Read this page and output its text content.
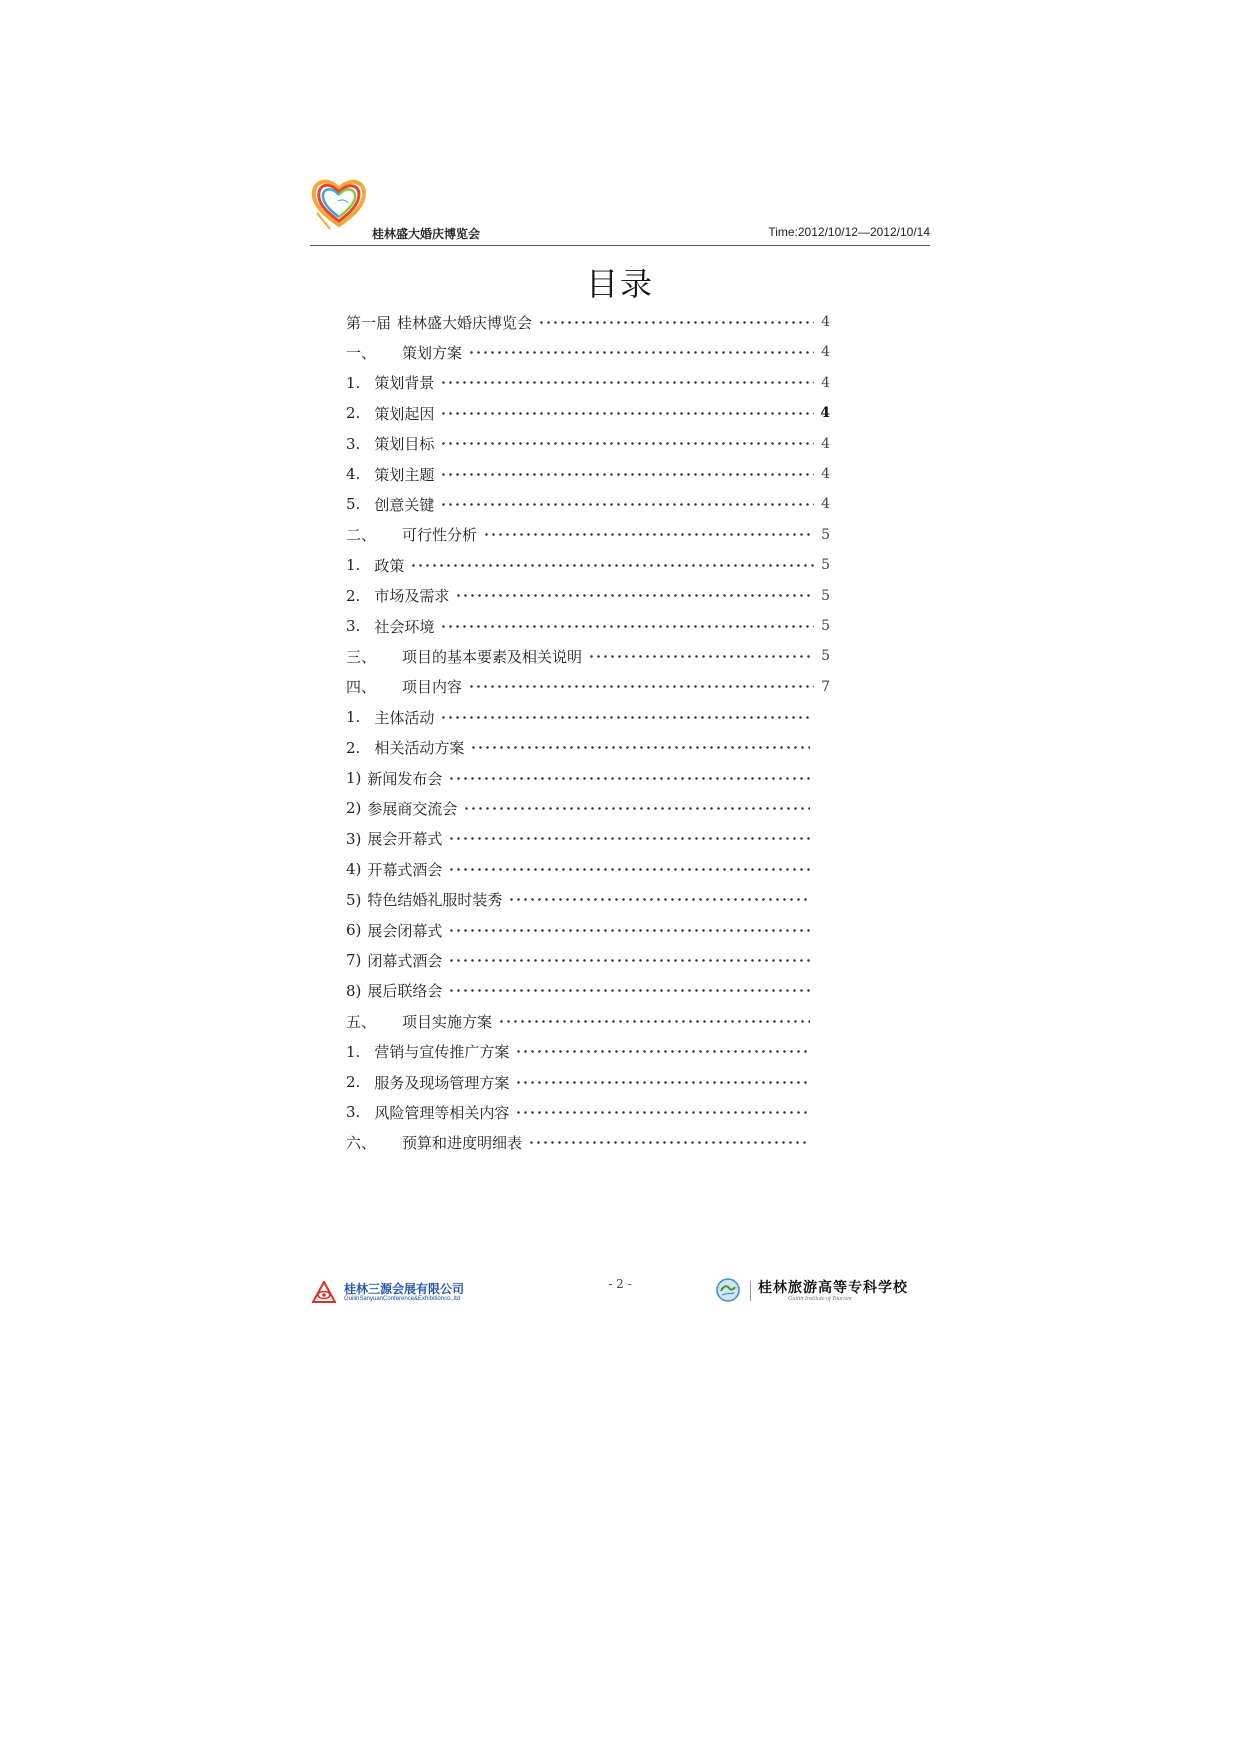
桂林盛大婚庆博览会	Time:2012/10/12—2012/10/14
目录
第一届 桂林盛大婚庆博览会	4
一、 策划方案	4
1. 策划背景	4
2. 策划起因	4
3. 策划目标	4
4. 策划主题	4
5. 创意关键	4
二、 可行性分析	5
1. 政策	5
2. 市场及需求	5
3. 社会环境	5
三、 项目的基本要素及相关说明	5
四、 项目内容	7
1. 主体活动
2. 相关活动方案
1) 新闻发布会
2) 参展商交流会
3) 展会开幕式
4) 开幕式酒会
5) 特色结婚礼服时装秀
6) 展会闭幕式
7) 闭幕式酒会
8) 展后联络会
五、 项目实施方案
1. 营销与宣传推广方案
2. 服务及现场管理方案
3. 风险管理等相关内容
六、 预算和进度明细表
桂林三源会展有限公司
GuilinSanyuanConference&Exhibitionco.,ltd
- 2 -	桂林旅游高等专科学校
Guilin Institute of Tourism
